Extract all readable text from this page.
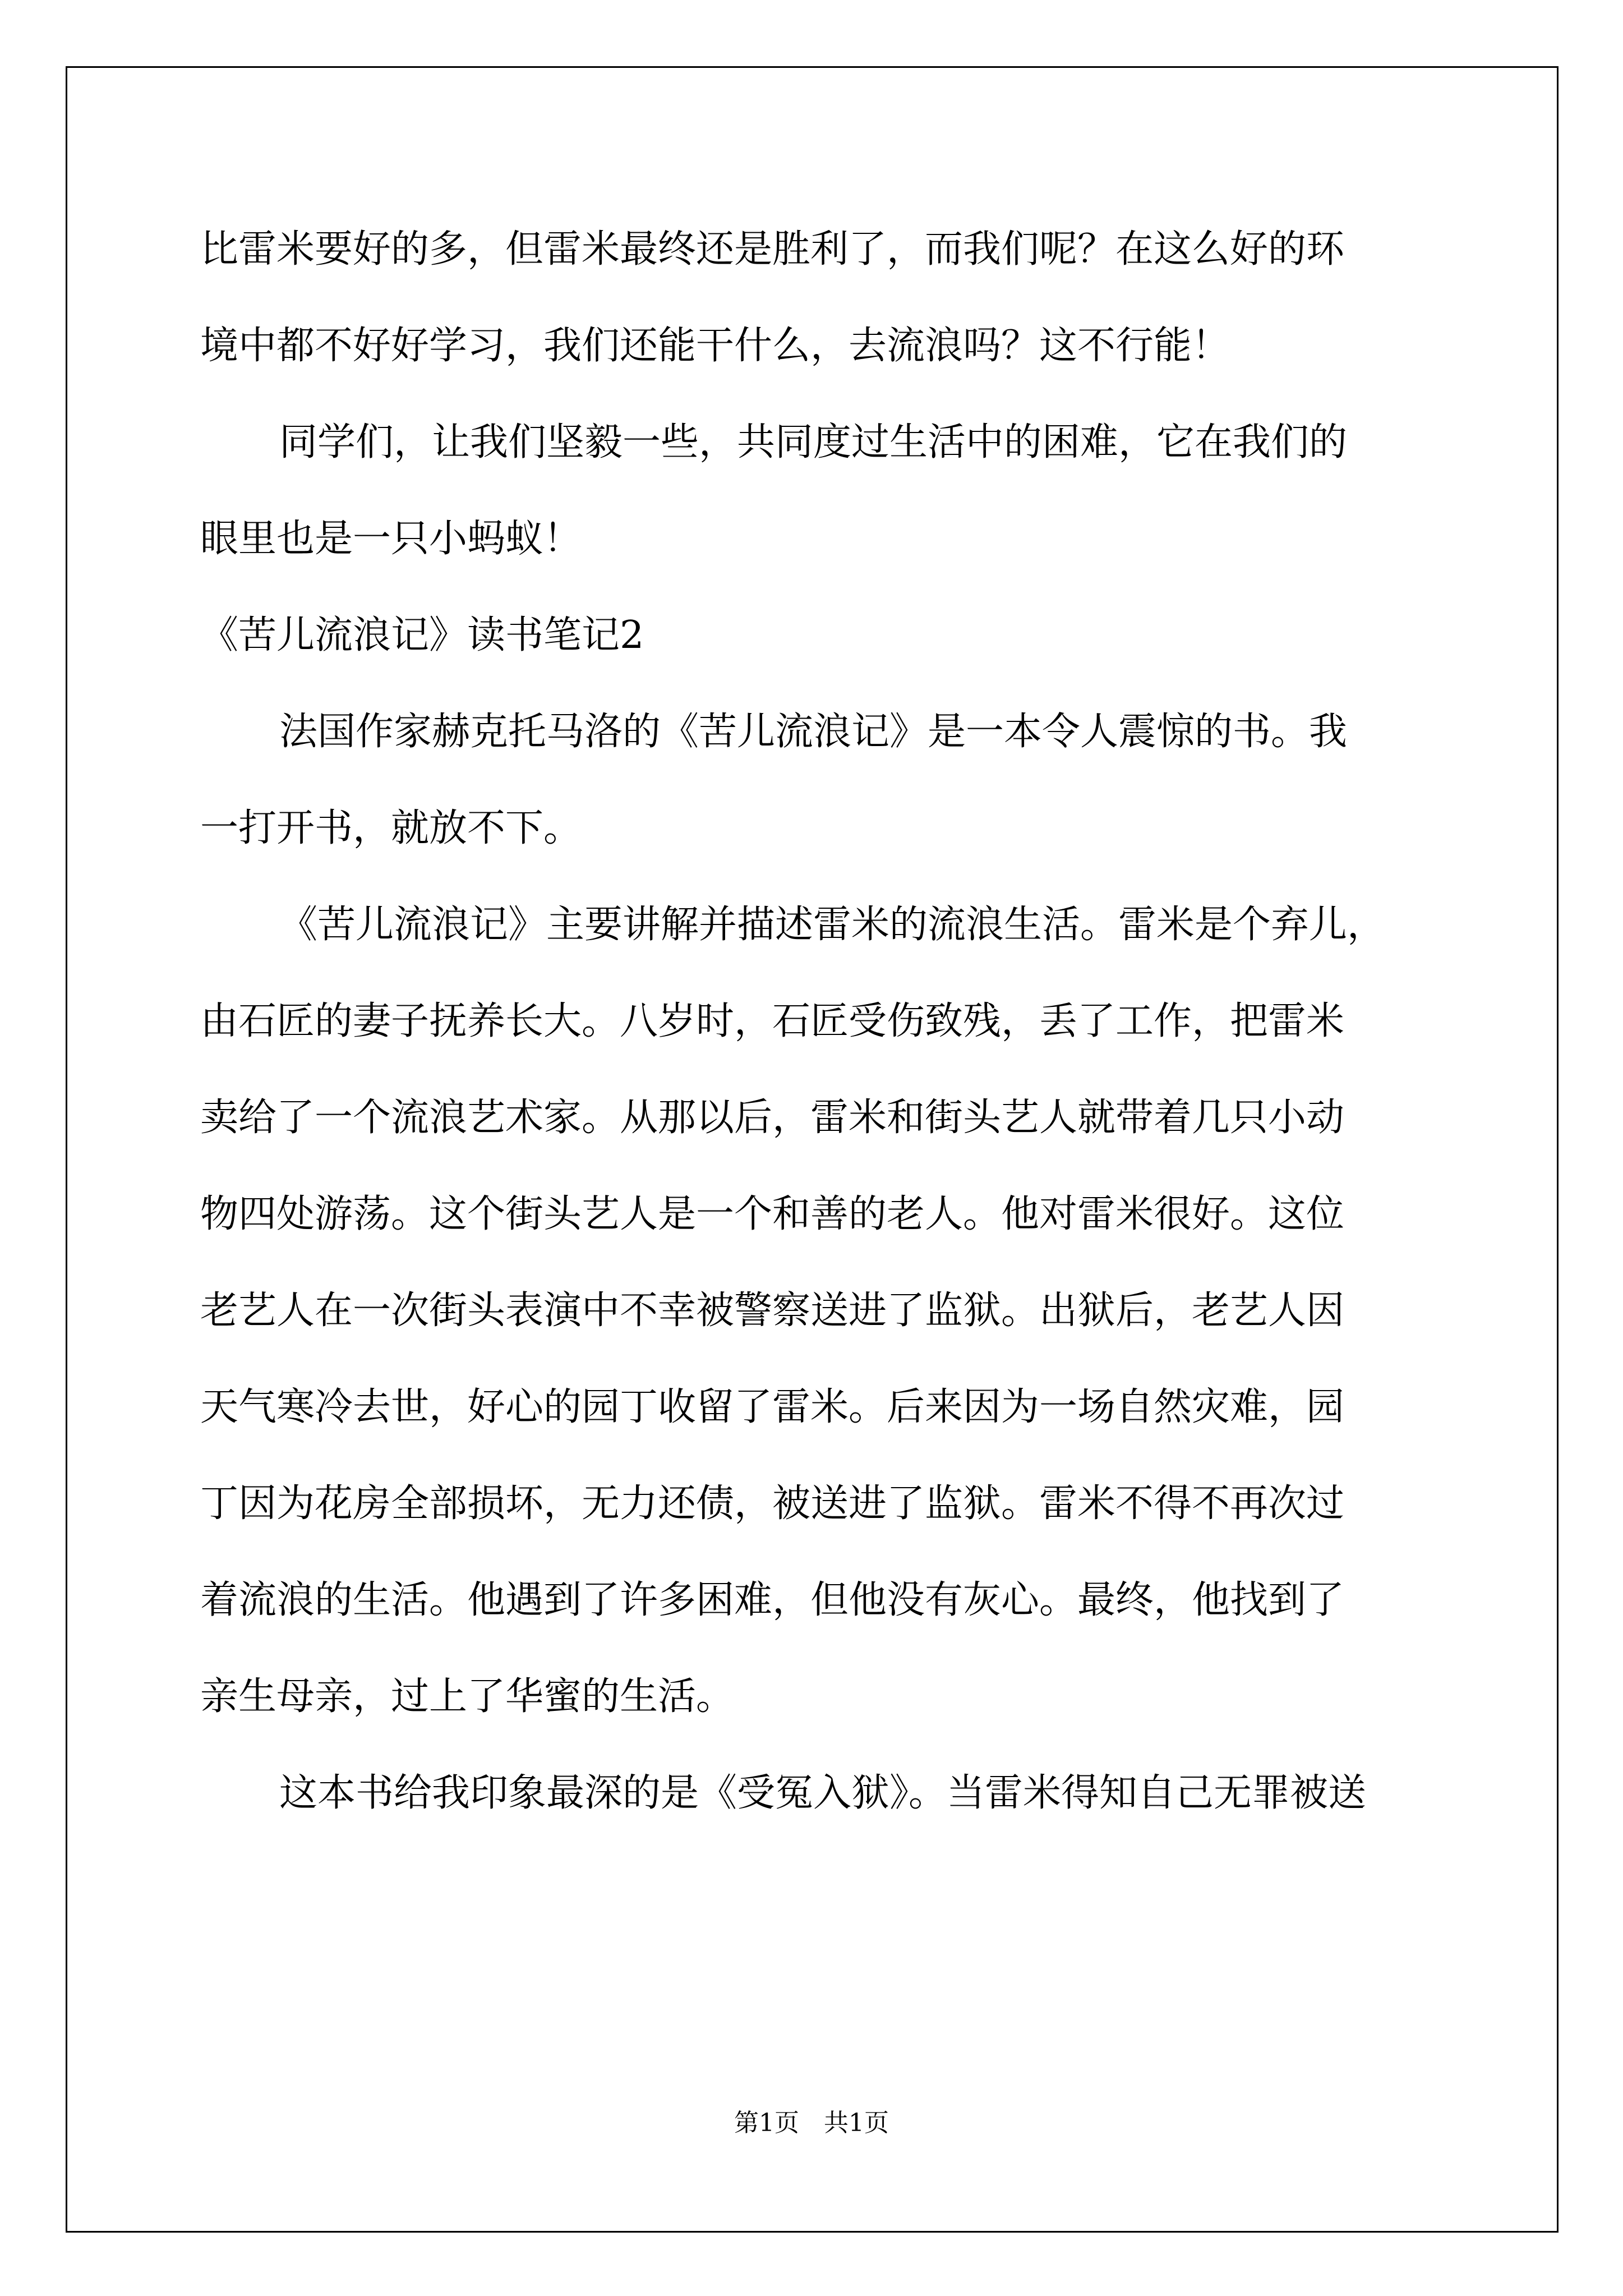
比雷米要好的多，但雷米最终还是胜利了，而我们呢？在这么好的环
境中都不好好学习，我们还能干什么，去流浪吗？这不行能！
同学们，让我们坚毅一些，共同度过生活中的困难，它在我们的
眼里也是一只小蚂蚁！
《苦儿流浪记》读书笔记2
法国作家赫克托马洛的《苦儿流浪记》是一本令人震惊的书。我
一打开书，就放不下。
《苦儿流浪记》主要讲解并描述雷米的流浪生活。雷米是个弃儿，
由石匠的妻子抚养长大。八岁时，石匠受伤致残，丢了工作，把雷米
卖给了一个流浪艺术家。从那以后，雷米和街头艺人就带着几只小动
物四处游荡。这个街头艺人是一个和善的老人。他对雷米很好。这位
老艺人在一次街头表演中不幸被警察送进了监狱。出狱后，老艺人因
天气寒冷去世，好心的园丁收留了雷米。后来因为一场自然灾难，园
丁因为花房全部损坏，无力还债，被送进了监狱。雷米不得不再次过
着流浪的生活。他遇到了许多困难，但他没有灰心。最终，他找到了
亲生母亲，过上了华蜜的生活。
这本书给我印象最深的是《受冤入狱》。当雷米得知自己无罪被送
第1页　共1页
